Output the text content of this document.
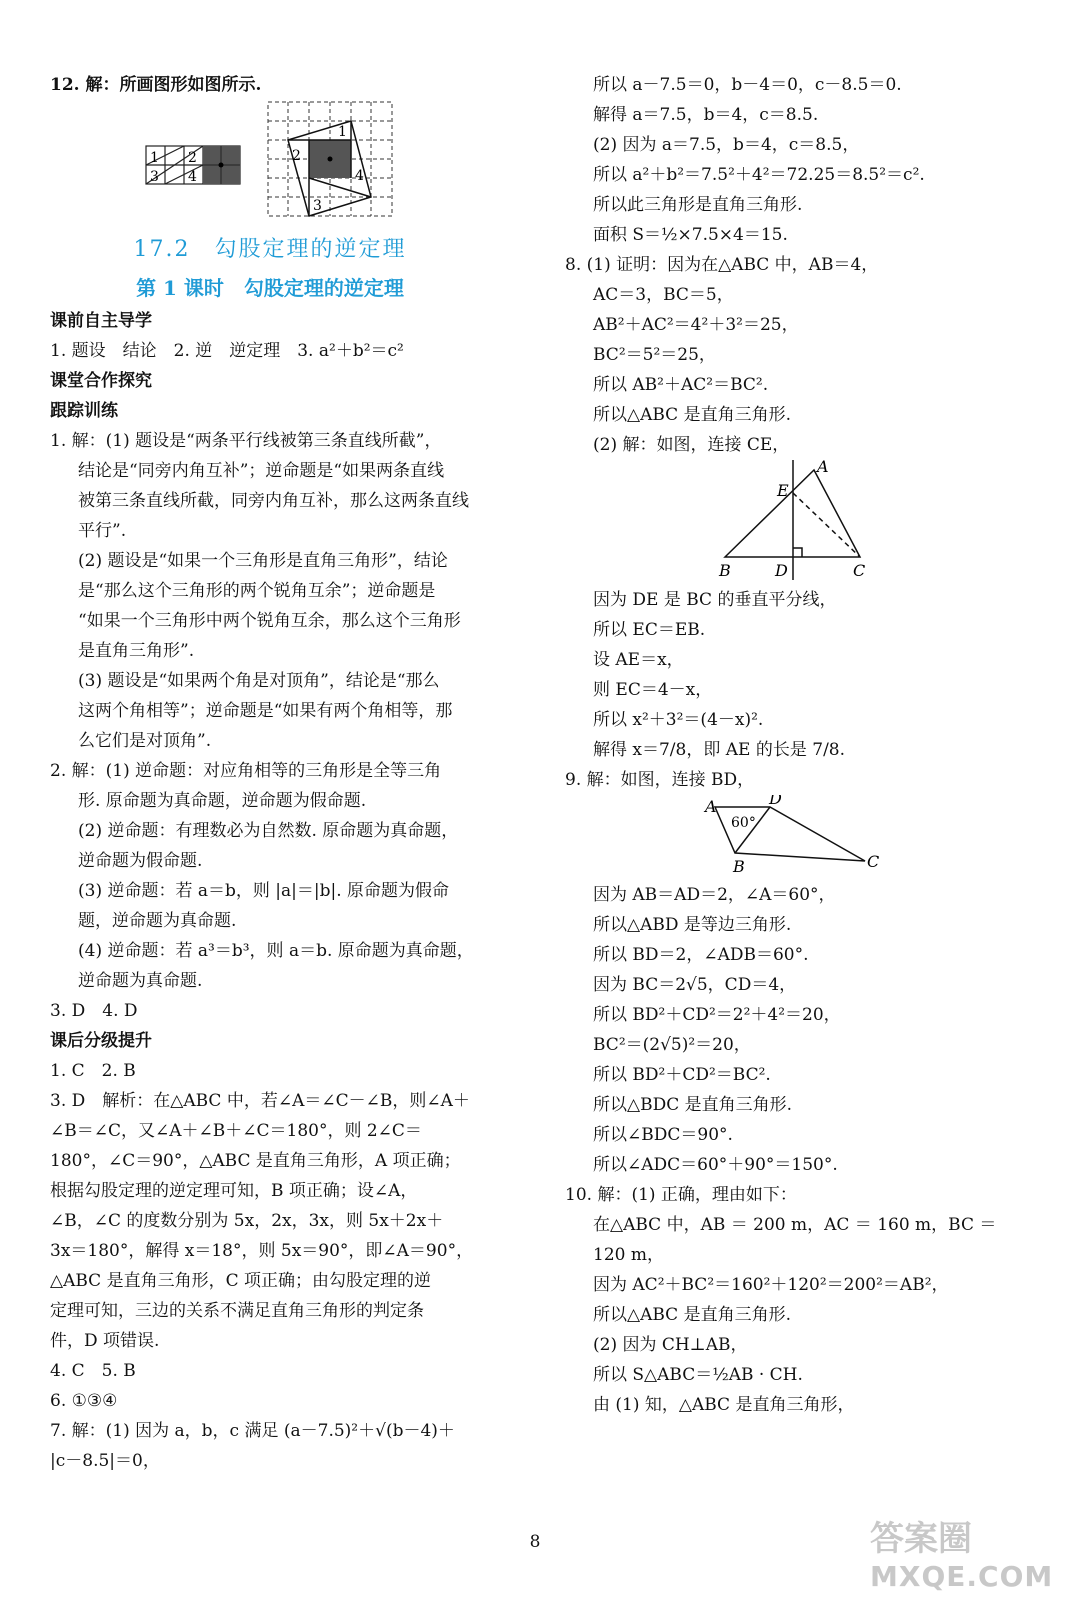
12. 解：所画图形如图所示.
1 2
3 4
1
2
3
4
17.2　勾股定理的逆定理
第 1 课时　勾股定理的逆定理
课前自主导学
1. 题设　结论　2. 逆　逆定理　3. a²＋b²＝c²
课堂合作探究
跟踪训练
1. 解：(1) 题设是“两条平行线被第三条直线所截”，
结论是“同旁内角互补”；逆命题是“如果两条直线
被第三条直线所截，同旁内角互补，那么这两条直线
平行”.
(2) 题设是“如果一个三角形是直角三角形”，结论
是“那么这个三角形的两个锐角互余”；逆命题是
“如果一个三角形中两个锐角互余，那么这个三角形
是直角三角形”.
(3) 题设是“如果两个角是对顶角”，结论是“那么
这两个角相等”；逆命题是“如果有两个角相等，那
么它们是对顶角”.
2. 解：(1) 逆命题：对应角相等的三角形是全等三角
形. 原命题为真命题，逆命题为假命题.
(2) 逆命题：有理数必为自然数. 原命题为真命题，
逆命题为假命题.
(3) 逆命题：若 a＝b，则 |a|＝|b|. 原命题为假命
题，逆命题为真命题.
(4) 逆命题：若 a³＝b³，则 a＝b. 原命题为真命题，
逆命题为真命题.
3. D　4. D
课后分级提升
1. C　2. B
3. D　解析：在△ABC 中，若∠A＝∠C－∠B，则∠A＋
∠B＝∠C，又∠A＋∠B＋∠C＝180°，则 2∠C＝
180°，∠C＝90°，△ABC 是直角三角形，A 项正确；
根据勾股定理的逆定理可知，B 项正确；设∠A，
∠B，∠C 的度数分别为 5x，2x，3x，则 5x＋2x＋
3x＝180°，解得 x＝18°，则 5x＝90°，即∠A＝90°，
△ABC 是直角三角形，C 项正确；由勾股定理的逆
定理可知，三边的关系不满足直角三角形的判定条
件，D 项错误.
4. C　5. B
6. ①③④
7. 解：(1) 因为 a，b，c 满足 (a－7.5)²＋√(b－4)＋
|c－8.5|＝0，
所以 a－7.5＝0，b－4＝0，c－8.5＝0.
解得 a＝7.5，b＝4，c＝8.5.
(2) 因为 a＝7.5，b＝4，c＝8.5，
所以 a²＋b²＝7.5²＋4²＝72.25＝8.5²＝c².
所以此三角形是直角三角形.
面积 S＝½×7.5×4＝15.
8. (1) 证明：因为在△ABC 中，AB＝4，
AC＝3，BC＝5，
AB²＋AC²＝4²＋3²＝25，
BC²＝5²＝25，
所以 AB²＋AC²＝BC².
所以△ABC 是直角三角形.
(2) 解：如图，连接 CE，
A
E
B	D	C
因为 DE 是 BC 的垂直平分线，
所以 EC＝EB.
设 AE＝x，
则 EC＝4－x，
所以 x²＋3²＝(4－x)².
解得 x＝7/8，即 AE 的长是 7/8.
9. 解：如图，连接 BD，
A	D
B	C
60°
因为 AB＝AD＝2，∠A＝60°，
所以△ABD 是等边三角形.
所以 BD＝2，∠ADB＝60°.
因为 BC＝2√5，CD＝4，
所以 BD²＋CD²＝2²＋4²＝20，
BC²＝(2√5)²＝20，
所以 BD²＋CD²＝BC².
所以△BDC 是直角三角形.
所以∠BDC＝90°.
所以∠ADC＝60°＋90°＝150°.
10. 解：(1) 正确，理由如下：
在△ABC 中，AB ＝ 200 m，AC ＝ 160 m，BC ＝
120 m，
因为 AC²＋BC²＝160²＋120²＝200²＝AB²，
所以△ABC 是直角三角形.
(2) 因为 CH⊥AB，
所以 S△ABC＝½AB · CH.
由 (1) 知，△ABC 是直角三角形，
8	答案圈
MXQE.COM
